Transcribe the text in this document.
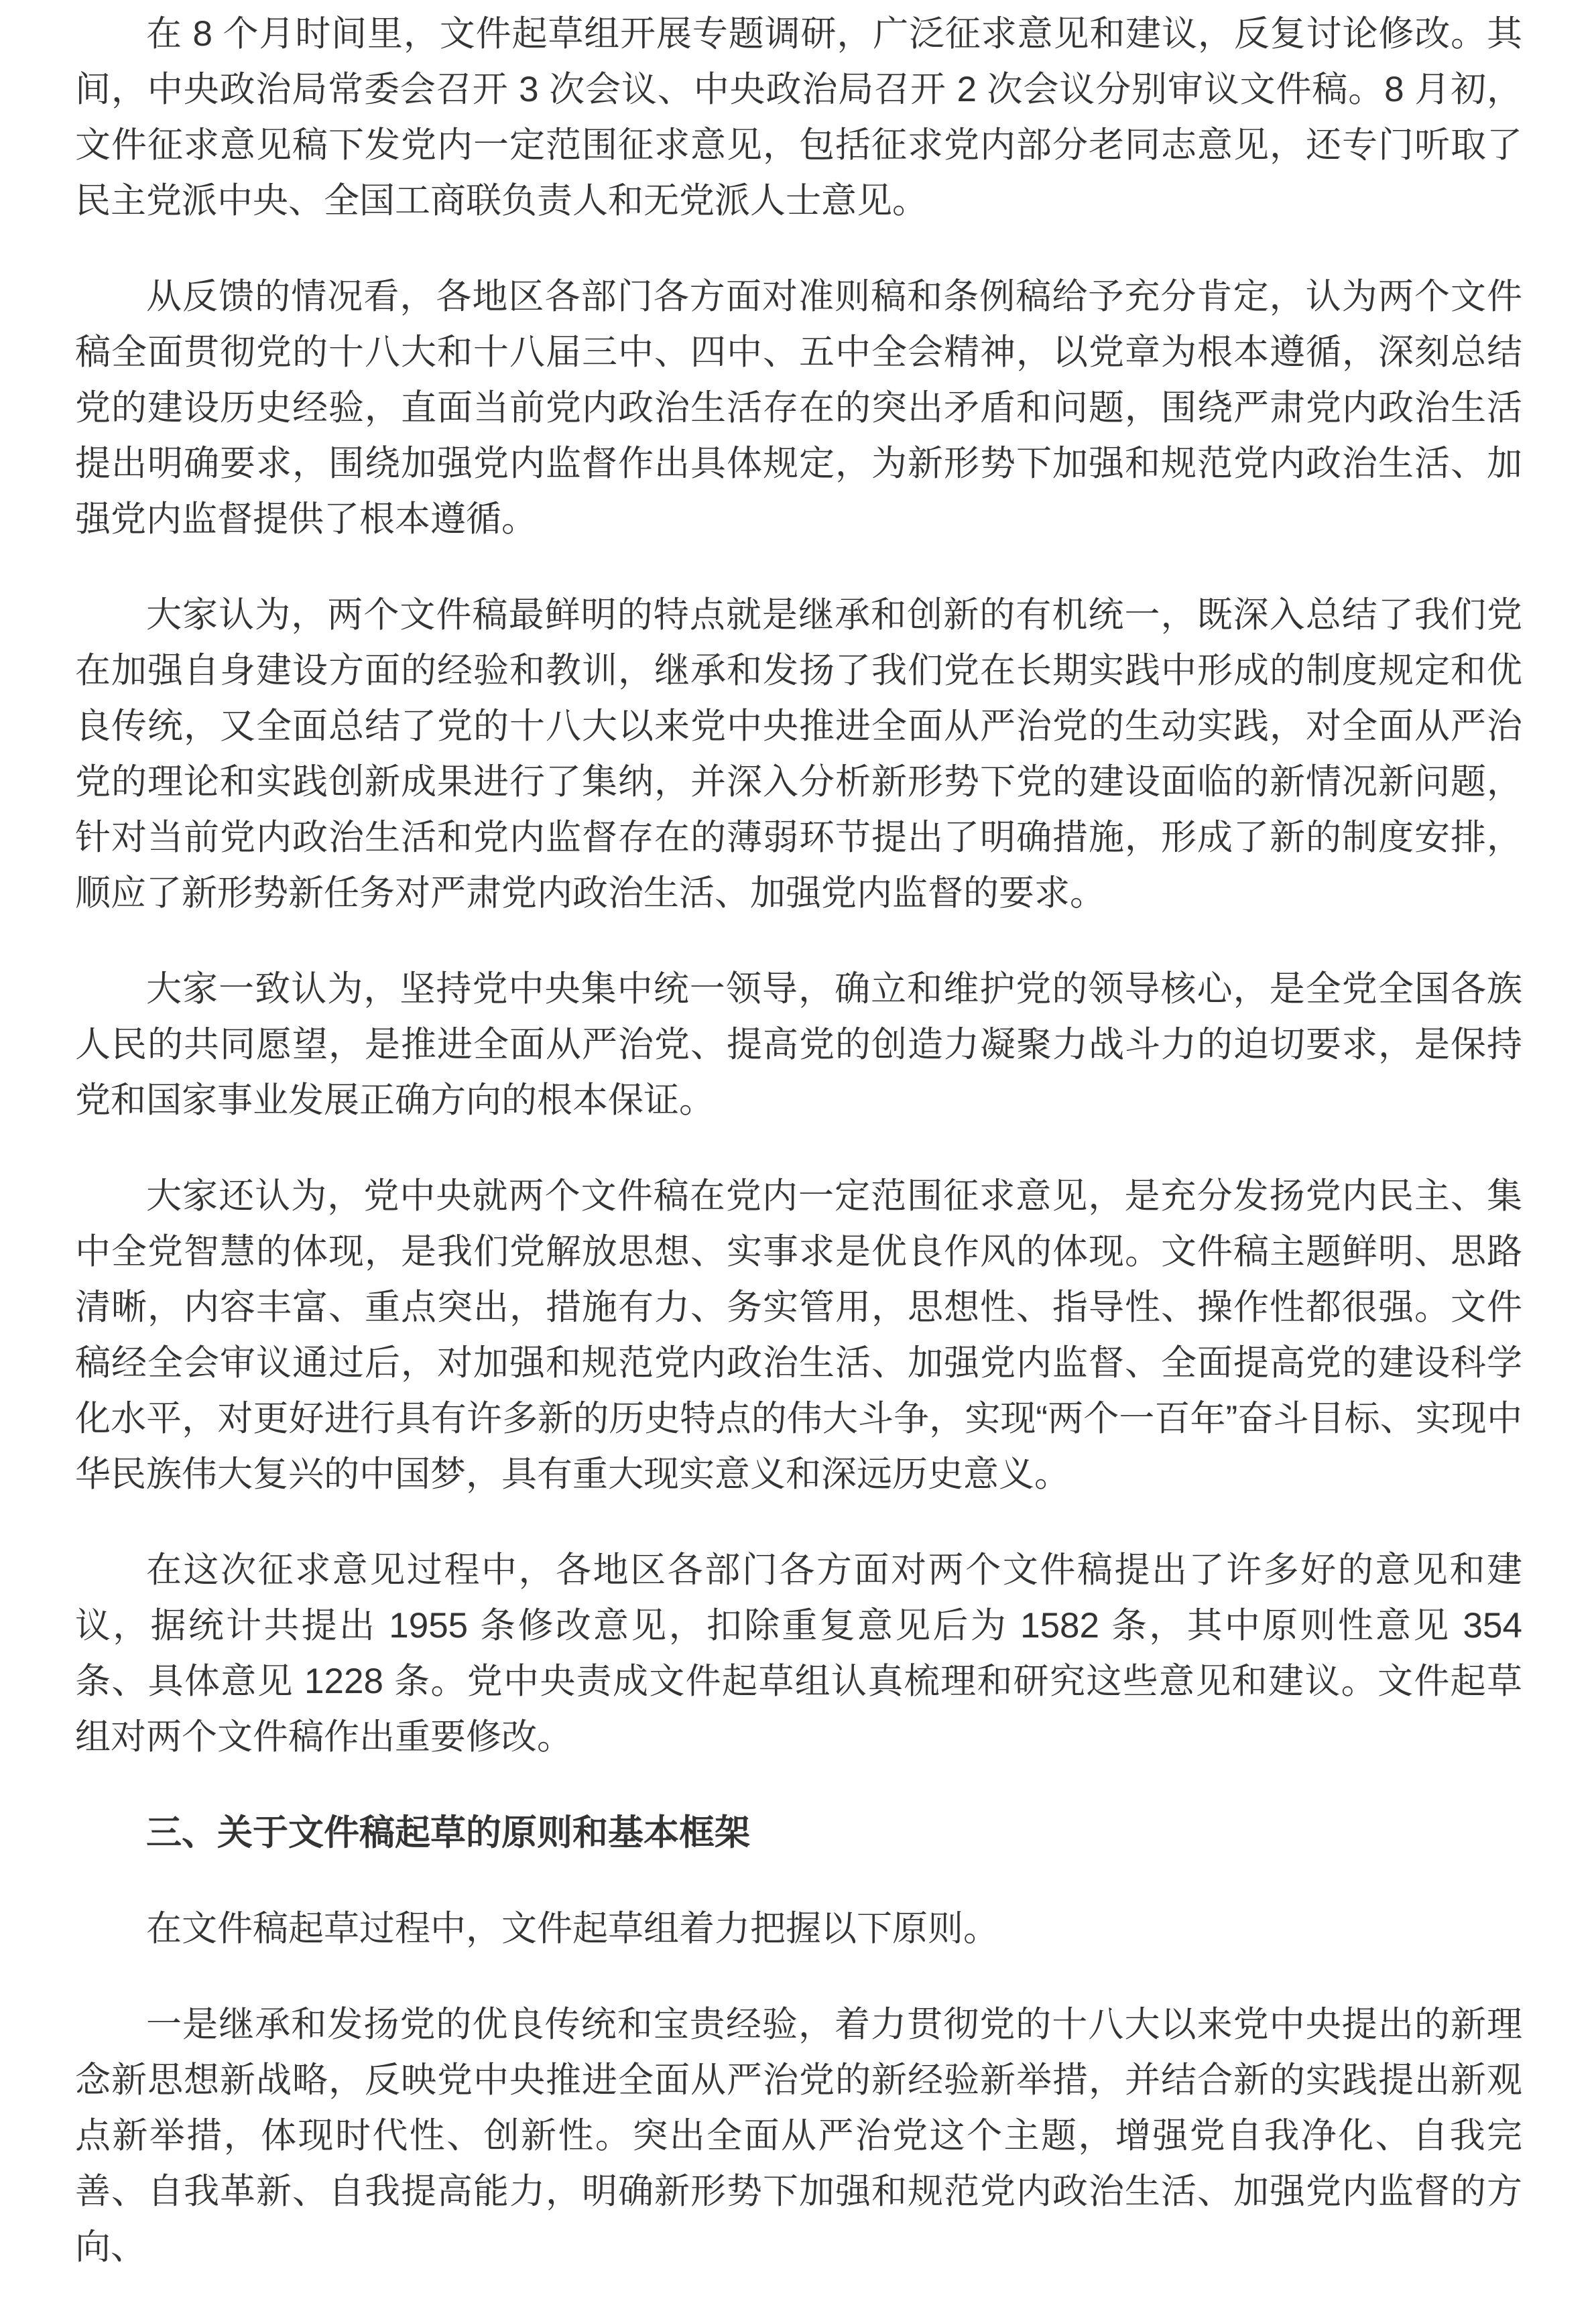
在 8 个月时间里，文件起草组开展专题调研，广泛征求意见和建议，反复讨论修改。其间，中央政治局常委会召开 3 次会议、中央政治局召开 2 次会议分别审议文件稿。8 月初，文件征求意见稿下发党内一定范围征求意见，包括征求党内部分老同志意见，还专门听取了民主党派中央、全国工商联负责人和无党派人士意见。

从反馈的情况看，各地区各部门各方面对准则稿和条例稿给予充分肯定，认为两个文件稿全面贯彻党的十八大和十八届三中、四中、五中全会精神，以党章为根本遵循，深刻总结党的建设历史经验，直面当前党内政治生活存在的突出矛盾和问题，围绕严肃党内政治生活提出明确要求，围绕加强党内监督作出具体规定，为新形势下加强和规范党内政治生活、加强党内监督提供了根本遵循。

大家认为，两个文件稿最鲜明的特点就是继承和创新的有机统一，既深入总结了我们党在加强自身建设方面的经验和教训，继承和发扬了我们党在长期实践中形成的制度规定和优良传统，又全面总结了党的十八大以来党中央推进全面从严治党的生动实践，对全面从严治党的理论和实践创新成果进行了集纳，并深入分析新形势下党的建设面临的新情况新问题，针对当前党内政治生活和党内监督存在的薄弱环节提出了明确措施，形成了新的制度安排，顺应了新形势新任务对严肃党内政治生活、加强党内监督的要求。

大家一致认为，坚持党中央集中统一领导，确立和维护党的领导核心，是全党全国各族人民的共同愿望，是推进全面从严治党、提高党的创造力凝聚力战斗力的迫切要求，是保持党和国家事业发展正确方向的根本保证。

大家还认为，党中央就两个文件稿在党内一定范围征求意见，是充分发扬党内民主、集中全党智慧的体现，是我们党解放思想、实事求是优良作风的体现。文件稿主题鲜明、思路清晰，内容丰富、重点突出，措施有力、务实管用，思想性、指导性、操作性都很强。文件稿经全会审议通过后，对加强和规范党内政治生活、加强党内监督、全面提高党的建设科学化水平，对更好进行具有许多新的历史特点的伟大斗争，实现“两个一百年”奋斗目标、实现中华民族伟大复兴的中国梦，具有重大现实意义和深远历史意义。

在这次征求意见过程中，各地区各部门各方面对两个文件稿提出了许多好的意见和建议，据统计共提出 1955 条修改意见，扣除重复意见后为 1582 条，其中原则性意见 354 条、具体意见 1228 条。党中央责成文件起草组认真梳理和研究这些意见和建议。文件起草组对两个文件稿作出重要修改。

三、关于文件稿起草的原则和基本框架

在文件稿起草过程中，文件起草组着力把握以下原则。

一是继承和发扬党的优良传统和宝贵经验，着力贯彻党的十八大以来党中央提出的新理念新思想新战略，反映党中央推进全面从严治党的新经验新举措，并结合新的实践提出新观点新举措，体现时代性、创新性。突出全面从严治党这个主题，增强党自我净化、自我完善、自我革新、自我提高能力，明确新形势下加强和规范党内政治生活、加强党内监督的方向、
